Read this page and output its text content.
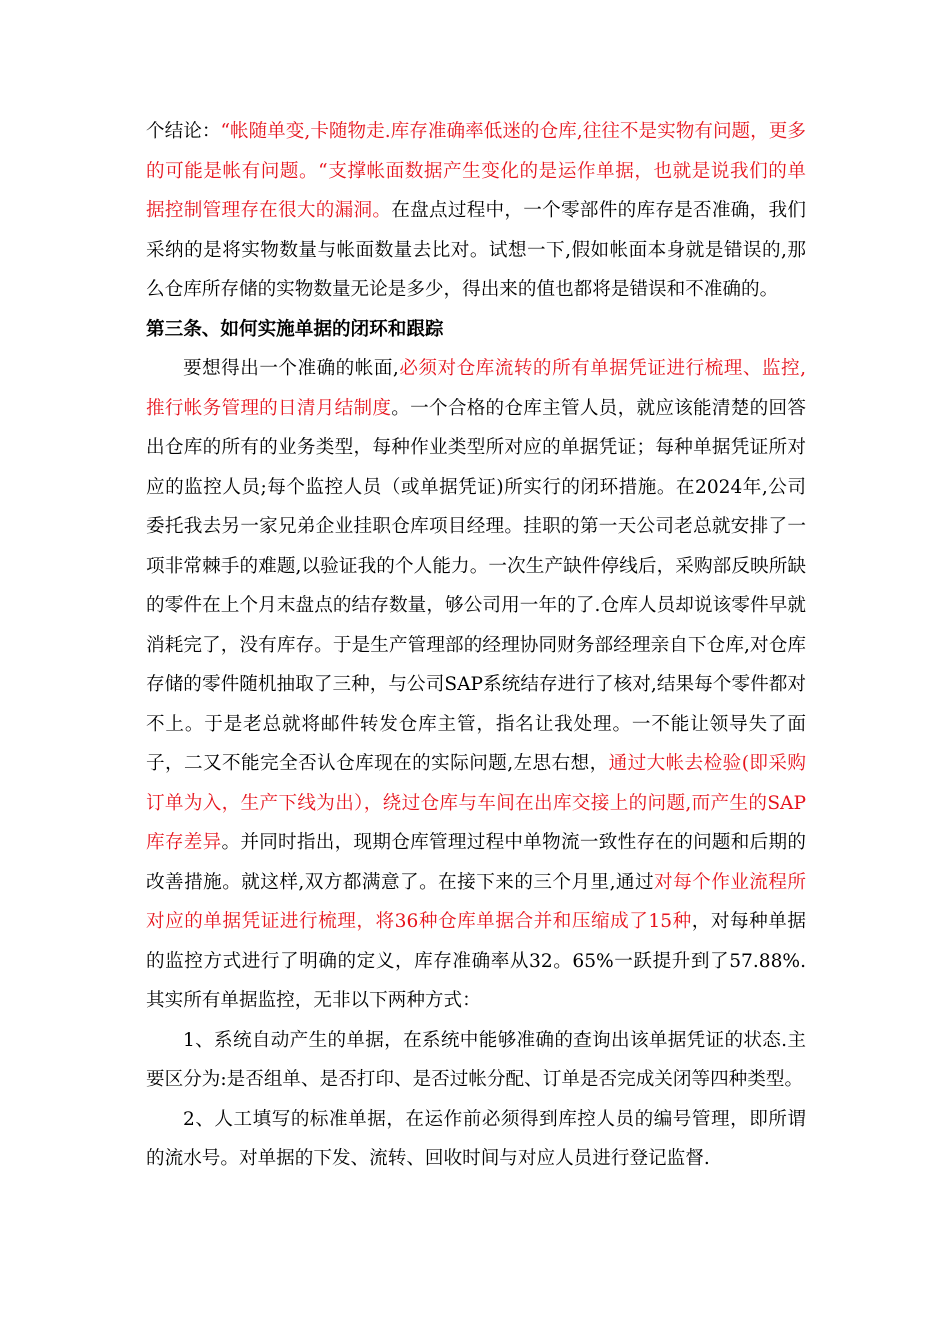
个结论：“帐随单变,卡随物走.库存准确率低迷的仓库,往往不是实物有问题，更多的可能是帐有问题。“支撑帐面数据产生变化的是运作单据，也就是说我们的单据控制管理存在很大的漏洞。在盘点过程中，一个零部件的库存是否准确，我们采纳的是将实物数量与帐面数量去比对。试想一下,假如帐面本身就是错误的,那么仓库所存储的实物数量无论是多少，得出来的值也都将是错误和不准确的。

第三条、如何实施单据的闭环和跟踪

要想得出一个准确的帐面,必须对仓库流转的所有单据凭证进行梳理、监控,推行帐务管理的日清月结制度。一个合格的仓库主管人员，就应该能清楚的回答出仓库的所有的业务类型，每种作业类型所对应的单据凭证；每种单据凭证所对应的监控人员;每个监控人员（或单据凭证)所实行的闭环措施。在2024年,公司委托我去另一家兄弟企业挂职仓库项目经理。挂职的第一天公司老总就安排了一项非常棘手的难题,以验证我的个人能力。一次生产缺件停线后，采购部反映所缺的零件在上个月末盘点的结存数量，够公司用一年的了.仓库人员却说该零件早就消耗完了，没有库存。于是生产管理部的经理协同财务部经理亲自下仓库,对仓库存储的零件随机抽取了三种，与公司SAP系统结存进行了核对,结果每个零件都对不上。于是老总就将邮件转发仓库主管，指名让我处理。一不能让领导失了面子，二又不能完全否认仓库现在的实际问题,左思右想，通过大帐去检验(即采购订单为入，生产下线为出），绕过仓库与车间在出库交接上的问题,而产生的SAP库存差异。并同时指出，现期仓库管理过程中单物流一致性存在的问题和后期的改善措施。就这样,双方都满意了。在接下来的三个月里,通过对每个作业流程所对应的单据凭证进行梳理，将36种仓库单据合并和压缩成了15种，对每种单据的监控方式进行了明确的定义，库存准确率从32。65%一跃提升到了57.88%.其实所有单据监控，无非以下两种方式：

1、系统自动产生的单据，在系统中能够准确的查询出该单据凭证的状态.主要区分为:是否组单、是否打印、是否过帐分配、订单是否完成关闭等四种类型。

2、人工填写的标准单据，在运作前必须得到库控人员的编号管理，即所谓的流水号。对单据的下发、流转、回收时间与对应人员进行登记监督.
